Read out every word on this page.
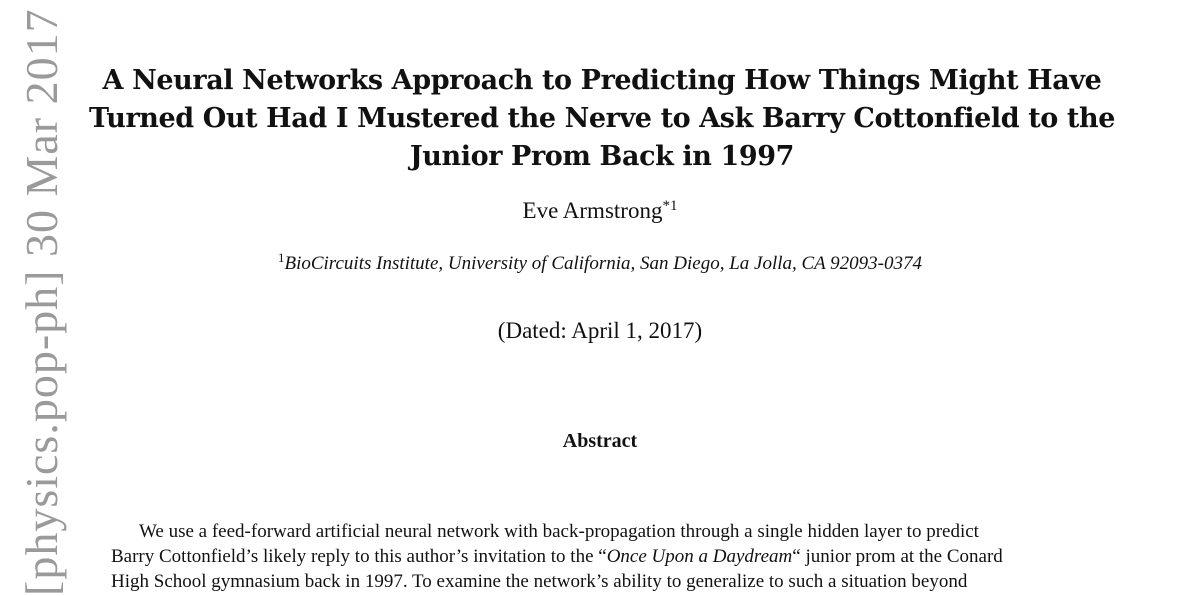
[physics.pop-ph] 30 Mar 2017	A Neural Networks Approach to Predicting How Things Might Have
Turned Out Had I Mustered the Nerve to Ask Barry Cottonfield to the
Junior Prom Back in 1997
Eve Armstrong$^{*1}$
$^1$BioCircuits Institute, University of California, San Diego, La Jolla, CA 92093-0374
(Dated: April 1, 2017)
Abstract
We use a feed-forward artificial neural network with back-propagation through a single hidden layer to predict
Barry Cottonfield’s likely reply to this author’s invitation to the “Once Upon a Daydream“ junior prom at the Conard
High School gymnasium back in 1997. To examine the network’s ability to generalize to such a situation beyond
